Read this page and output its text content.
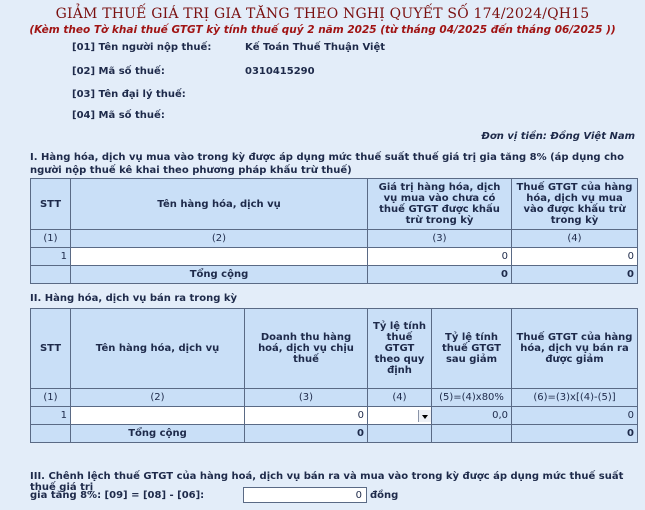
GIẢM THUẾ GIÁ TRỊ GIA TĂNG THEO NGHỊ QUYẾT SỐ 174/2024/QH15
(Kèm theo Tờ khai thuế GTGT kỳ tính thuế quý 2 năm 2025 (từ tháng 04/2025 đến tháng 06/2025 ))
[01] Tên người nộp thuế:	Kế Toán Thuế Thuận Việt
[02] Mã số thuế:	0310415290
[03] Tên đại lý thuế:
[04] Mã số thuế:
Đơn vị tiền: Đồng Việt Nam
I. Hàng hóa, dịch vụ mua vào trong kỳ được áp dụng mức thuế suất thuế giá trị gia tăng 8% (áp dụng cho người nộp thuế kê khai theo phương pháp khấu trừ thuế)
STT	Tên hàng hóa, dịch vụ	Giá trị hàng hóa, dịch vụ mua vào chưa có thuế GTGT được khấu trừ trong kỳ	Thuế GTGT của hàng hóa, dịch vụ mua vào được khấu trừ trong kỳ
(1)	(2)	(3)	(4)
1		0	0
	Tổng cộng	0	0
II. Hàng hóa, dịch vụ bán ra trong kỳ
STT	Tên hàng hóa, dịch vụ	Doanh thu hàng hoá, dịch vụ chịu thuế	Tỷ lệ tính thuế GTGT theo quy định	Tỷ lệ tính thuế GTGT sau giảm	Thuế GTGT của hàng hóa, dịch vụ bán ra được giảm
(1)	(2)	(3)	(4)	(5)=(4)x80%	(6)=(3)x[(4)-(5)]
1		0		0,0	0
	Tổng cộng	0			0
III. Chênh lệch thuế GTGT của hàng hoá, dịch vụ bán ra và mua vào trong kỳ được áp dụng mức thuế suất thuế giá trị
gia tăng 8%: [09] = [08] - [06]:	0 đồng
